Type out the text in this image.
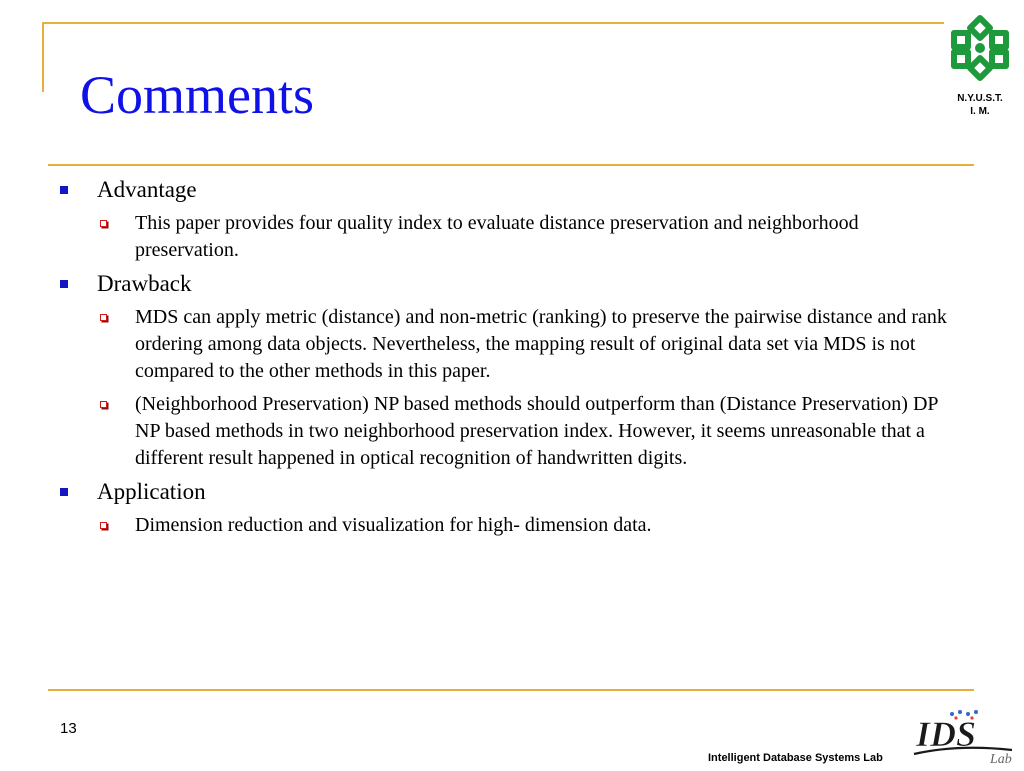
Comments	N.Y.U.S.T.
I. M.
Advantage
This paper provides four quality index to evaluate distance preservation and neighborhood preservation.
Drawback
MDS can apply metric (distance) and non-metric (ranking) to preserve the pairwise distance and rank ordering among data objects. Nevertheless, the mapping result of original data set via MDS is not compared to the other methods in this paper.
(Neighborhood Preservation) NP based methods should outperform than (Distance Preservation) DP NP based methods in two neighborhood preservation index. However, it seems unreasonable that a different result happened in optical recognition of handwritten digits.
Application
Dimension reduction and visualization for high- dimension data.
13
Intelligent Database Systems Lab
IDS
Lab
